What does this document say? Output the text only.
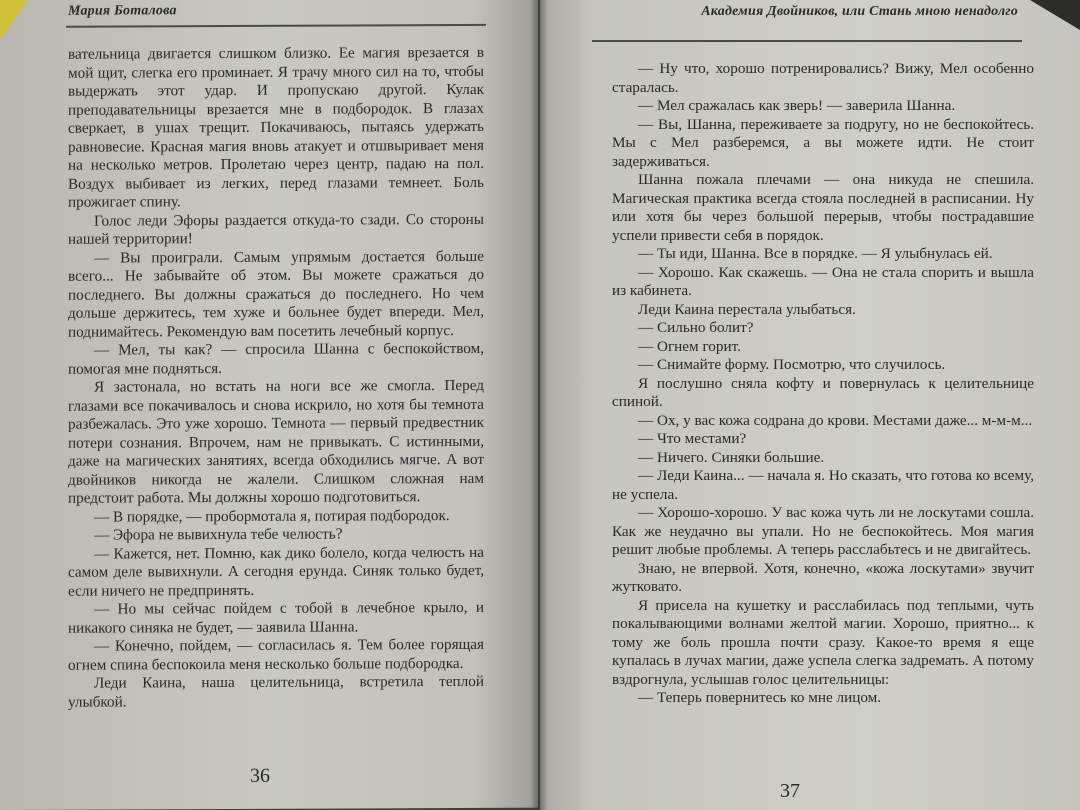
Мария Боталова

вательница двигается слишком близко. Ее магия врезается в мой щит, слегка его проминает. Я трачу много сил на то, чтобы выдержать этот удар. И пропускаю другой. Кулак преподавательницы врезается мне в подбородок. В глазах сверкает, в ушах трещит. Покачиваюсь, пытаясь удержать равновесие. Красная магия вновь атакует и отшвыривает меня на несколько метров. Пролетаю через центр, падаю на пол. Воздух выбивает из легких, перед глазами темнеет. Боль прожигает спину.

Голос леди Эфоры раздается откуда-то сзади. Со стороны нашей территории!

— Вы проиграли. Самым упрямым достается больше всего... Не забывайте об этом. Вы можете сражаться до последнего. Вы должны сражаться до последнего. Но чем дольше держитесь, тем хуже и больнее будет впереди. Мел, поднимайтесь. Рекомендую вам посетить лечебный корпус.

— Мел, ты как? — спросила Шанна с беспокойством, помогая мне подняться.

Я застонала, но встать на ноги все же смогла. Перед глазами все покачивалось и снова искрило, но хотя бы темнота разбежалась. Это уже хорошо. Темнота — первый предвестник потери сознания. Впрочем, нам не привыкать. С истинными, даже на магических занятиях, всегда обходились мягче. А вот двойников никогда не жалели. Слишком сложная нам предстоит работа. Мы должны хорошо подготовиться.

— В порядке, — пробормотала я, потирая подбородок.

— Эфора не вывихнула тебе челюсть?

— Кажется, нет. Помню, как дико болело, когда челюсть на самом деле вывихнули. А сегодня ерунда. Синяк только будет, если ничего не предпринять.

— Но мы сейчас пойдем с тобой в лечебное крыло, и никакого синяка не будет, — заявила Шанна.

— Конечно, пойдем, — согласилась я. Тем более горящая огнем спина беспокоила меня несколько больше подбородка.

Леди Каина, наша целительница, встретила теплой улыбкой.

36
Академия Двойников, или Стань мною ненадолго

— Ну что, хорошо потренировались? Вижу, Мел особенно старалась.

— Мел сражалась как зверь! — заверила Шанна.

— Вы, Шанна, переживаете за подругу, но не беспокойтесь. Мы с Мел разберемся, а вы можете идти. Не стоит задерживаться.

Шанна пожала плечами — она никуда не спешила. Магическая практика всегда стояла последней в расписании. Ну или хотя бы через большой перерыв, чтобы пострадавшие успели привести себя в порядок.

— Ты иди, Шанна. Все в порядке. — Я улыбнулась ей.

— Хорошо. Как скажешь. — Она не стала спорить и вышла из кабинета.

Леди Каина перестала улыбаться.

— Сильно болит?

— Огнем горит.

— Снимайте форму. Посмотрю, что случилось.

Я послушно сняла кофту и повернулась к целительнице спиной.

— Ох, у вас кожа содрана до крови. Местами даже... м-м-м...

— Что местами?

— Ничего. Синяки большие.

— Леди Каина... — начала я. Но сказать, что готова ко всему, не успела.

— Хорошо-хорошо. У вас кожа чуть ли не лоскутами сошла. Как же неудачно вы упали. Но не беспокойтесь. Моя магия решит любые проблемы. А теперь расслабьтесь и не двигайтесь.

Знаю, не впервой. Хотя, конечно, «кожа лоскутами» звучит жутковато.

Я присела на кушетку и расслабилась под теплыми, чуть покалывающими волнами желтой магии. Хорошо, приятно... к тому же боль прошла почти сразу. Какое-то время я еще купалась в лучах магии, даже успела слегка задремать. А потому вздрогнула, услышав голос целительницы:

— Теперь повернитесь ко мне лицом.

37
